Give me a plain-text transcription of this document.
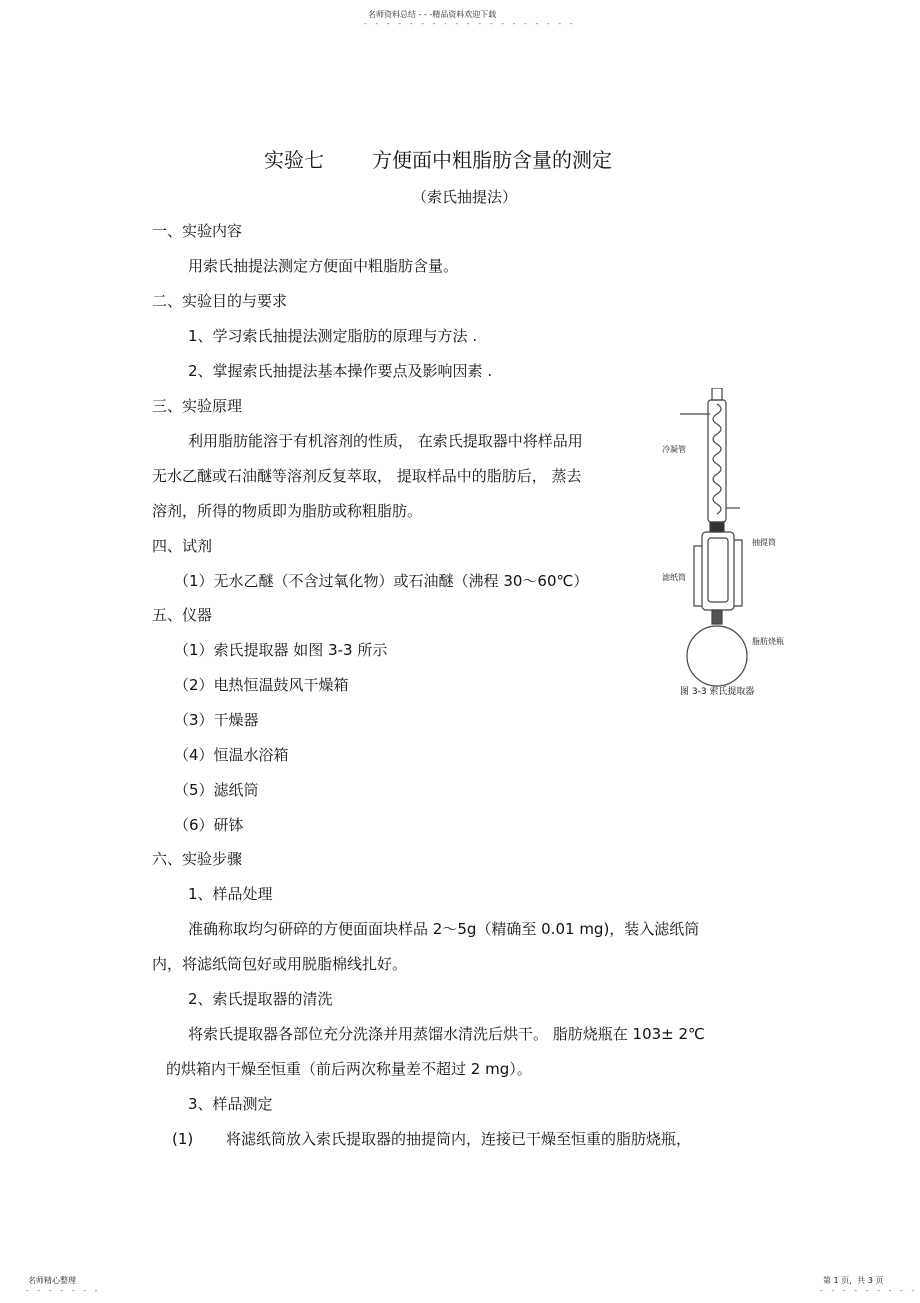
名师资料总结 - - -精品资料欢迎下载
- - - - - - - - - - - - - - - - - - -
实验七 方便面中粗脂肪含量的测定
（索氏抽提法）
一、实验内容
用索氏抽提法测定方便面中粗脂肪含量。
二、实验目的与要求
1、学习索氏抽提法测定脂肪的原理与方法 .
2、掌握索氏抽提法基本操作要点及影响因素 .
三、实验原理
利用脂肪能溶于有机溶剂的性质， 在索氏提取器中将样品用
无水乙醚或石油醚等溶剂反复萃取， 提取样品中的脂肪后， 蒸去
溶剂，所得的物质即为脂肪或称粗脂肪。
四、试剂
（1）无水乙醚（不含过氧化物）或石油醚（沸程 30～60℃）
五、仪器
（1）索氏提取器 如图 3-3 所示
（2）电热恒温鼓风干燥箱
（3）干燥器
（4）恒温水浴箱
（5）滤纸筒
（6）研钵
六、实验步骤
1、样品处理
准确称取均匀研碎的方便面面块样品 2～5g（精确至 0.01 mg)，装入滤纸筒
内，将滤纸筒包好或用脱脂棉线扎好。
2、索氏提取器的清洗
将索氏提取器各部位充分洗涤并用蒸馏水清洗后烘干。 脂肪烧瓶在 103± 2℃
的烘箱内干燥至恒重（前后两次称量差不超过 2 mg）。
3、样品测定
(1) 将滤纸筒放入索氏提取器的抽提筒内，连接已干燥至恒重的脂肪烧瓶，
冷凝管
抽提筒
滤纸筒
脂肪烧瓶
图 3-3 索氏提取器
名师精心整理
- - - - - - -
第 1 页，共 3 页
- - - - - - - - -
